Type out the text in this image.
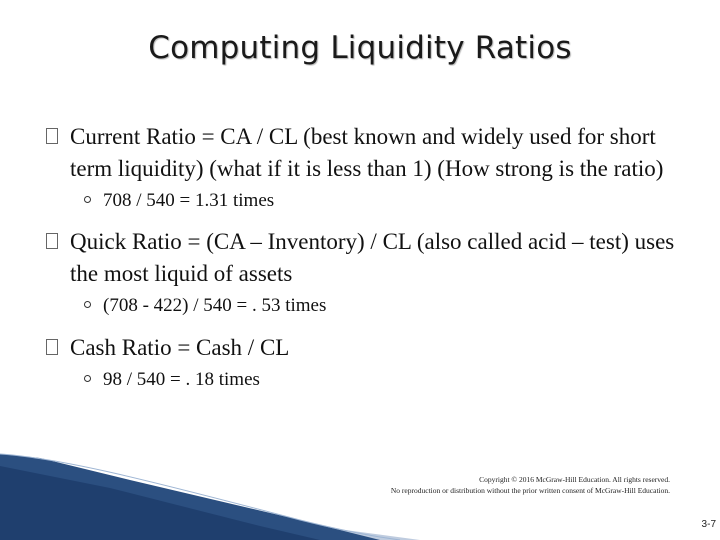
Computing Liquidity Ratios
Current Ratio = CA / CL (best known and widely used for short term liquidity) (what if it is less than 1) (How strong is the ratio)
708 / 540 = 1.31 times
Quick Ratio = (CA – Inventory) / CL (also called acid – test) uses the most liquid of assets
(708 - 422) / 540 = . 53 times
Cash Ratio = Cash / CL
98 / 540 = . 18 times
Copyright © 2016 McGraw-Hill Education. All rights reserved.
No reproduction or distribution without the prior written consent of McGraw-Hill Education.
3-7
